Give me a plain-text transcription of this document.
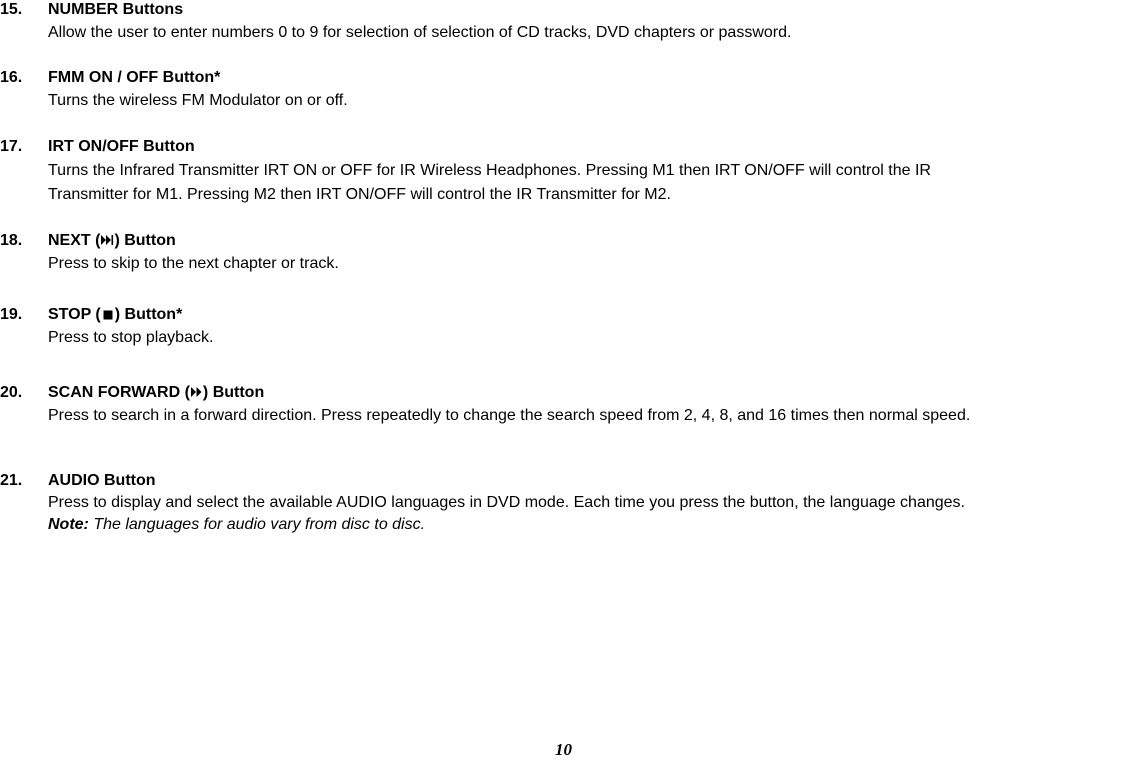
15. NUMBER Buttons
Allow the user to enter numbers 0 to 9 for selection of selection of CD tracks, DVD chapters or password.
16. FMM ON / OFF Button*
Turns the wireless FM Modulator on or off.
17. IRT ON/OFF Button
Turns the Infrared Transmitter IRT ON or OFF for IR Wireless Headphones. Pressing M1 then IRT ON/OFF will control the IR
Transmitter for M1. Pressing M2 then IRT ON/OFF will control the IR Transmitter for M2.
18. NEXT ( ) Button
Press to skip to the next chapter or track.
19. STOP ( ) Button*
Press to stop playback.
20. SCAN FORWARD ( ) Button
Press to search in a forward direction. Press repeatedly to change the search speed from 2, 4, 8, and 16 times then normal speed.
21. AUDIO Button
Press to display and select the available AUDIO languages in DVD mode. Each time you press the button, the language changes.
Note: The languages for audio vary from disc to disc.
10
